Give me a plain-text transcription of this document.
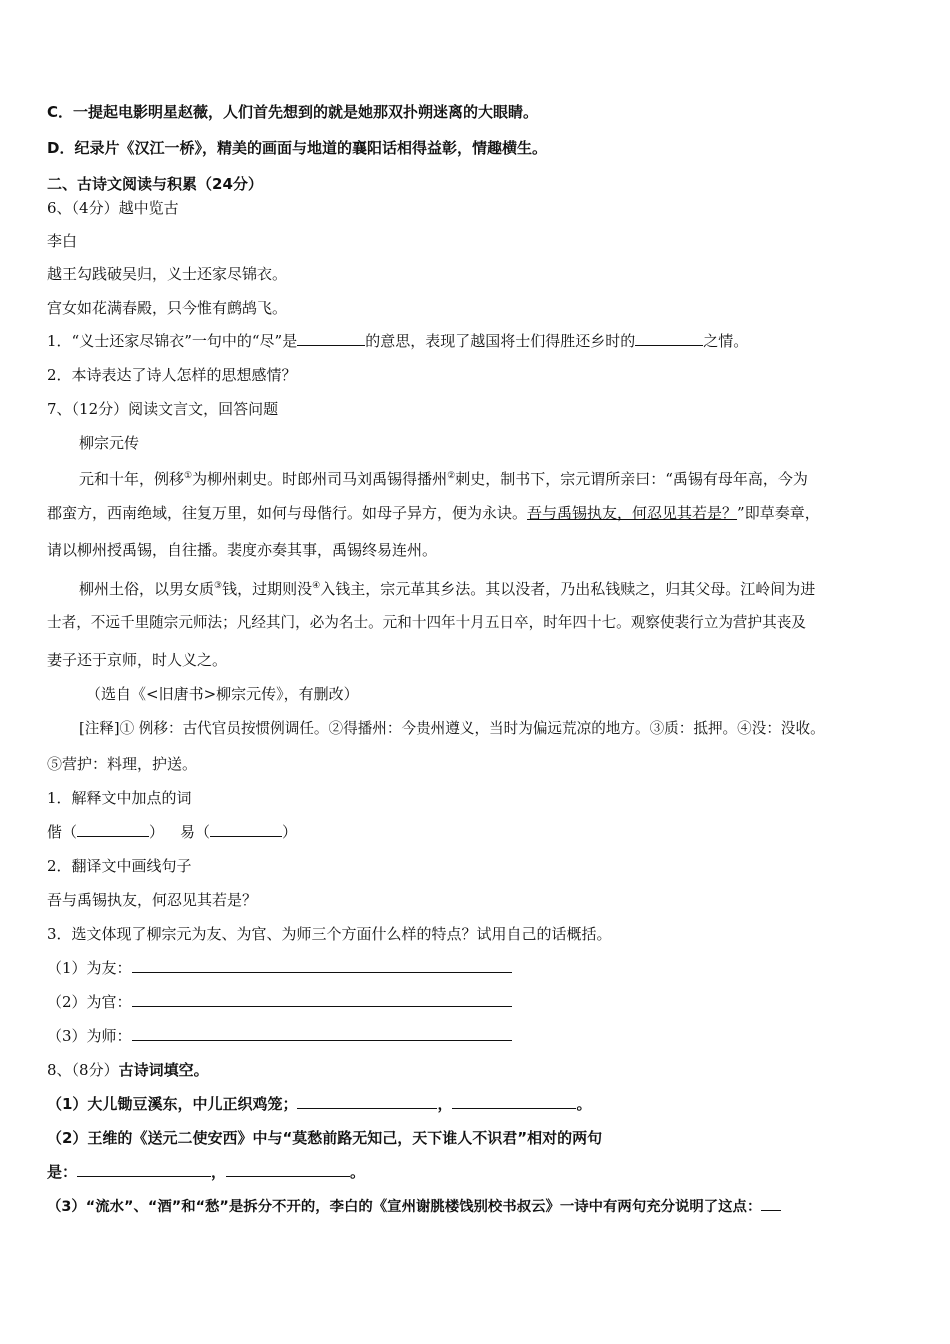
C．一提起电影明星赵薇，人们首先想到的就是她那双扑朔迷离的大眼睛。
D．纪录片《汉江一桥》，精美的画面与地道的襄阳话相得益彰，情趣横生。
二、古诗文阅读与积累（24分）
6、（4分）越中览古
李白
越王勾践破吴归，义士还家尽锦衣。
宫女如花满春殿，只今惟有鹧鸪飞。
1．“义士还家尽锦衣”一句中的“尽”是	的意思，表现了越国将士们得胜还乡时的	之情。
2．本诗表达了诗人怎样的思想感情？
7、（12分）阅读文言文，回答问题
柳宗元传
元和十年，例移①为柳州刺史。时郎州司马刘禹锡得播州②刺史，制书下，宗元谓所亲曰：“禹锡有母年高，今为
郡蛮方，西南绝域，往复万里，如何与母偕行。如母子异方，便为永诀。吾与禹锡执友，何忍见其若是？”即草奏章，
请以柳州授禹锡，自往播。裴度亦奏其事，禹锡终易连州。
柳州土俗，以男女质③钱，过期则没④入钱主，宗元革其乡法。其以没者，乃出私钱赎之，归其父母。江岭间为进
士者，不远千里随宗元师法；凡经其门，必为名士。元和十四年十月五日卒，时年四十七。观察使裴行立为营护其丧及
妻子还于京师，时人义之。
（选自《<旧唐书>柳宗元传》，有删改）
[注释]① 例移：古代官员按惯例调任。②得播州：今贵州遵义，当时为偏远荒凉的地方。③质：抵押。④没：没收。
⑤营护：料理，护送。
1．解释文中加点的词
偕（	） 易（	）
2．翻译文中画线句子
吾与禹锡执友，何忍见其若是？
3．选文体现了柳宗元为友、为官、为师三个方面什么样的特点？试用自己的话概括。
（1）为友：
（2）为官：
（3）为师：
8、（8分）古诗词填空。
（1）大儿锄豆溪东，中儿正织鸡笼；	，	。
（2）王维的《送元二使安西》中与“莫愁前路无知己，天下谁人不识君”相对的两句
是：	，	。
（3）“流水”、“酒”和“愁”是拆分不开的，李白的《宣州谢朓楼饯别校书叔云》一诗中有两句充分说明了这点：
